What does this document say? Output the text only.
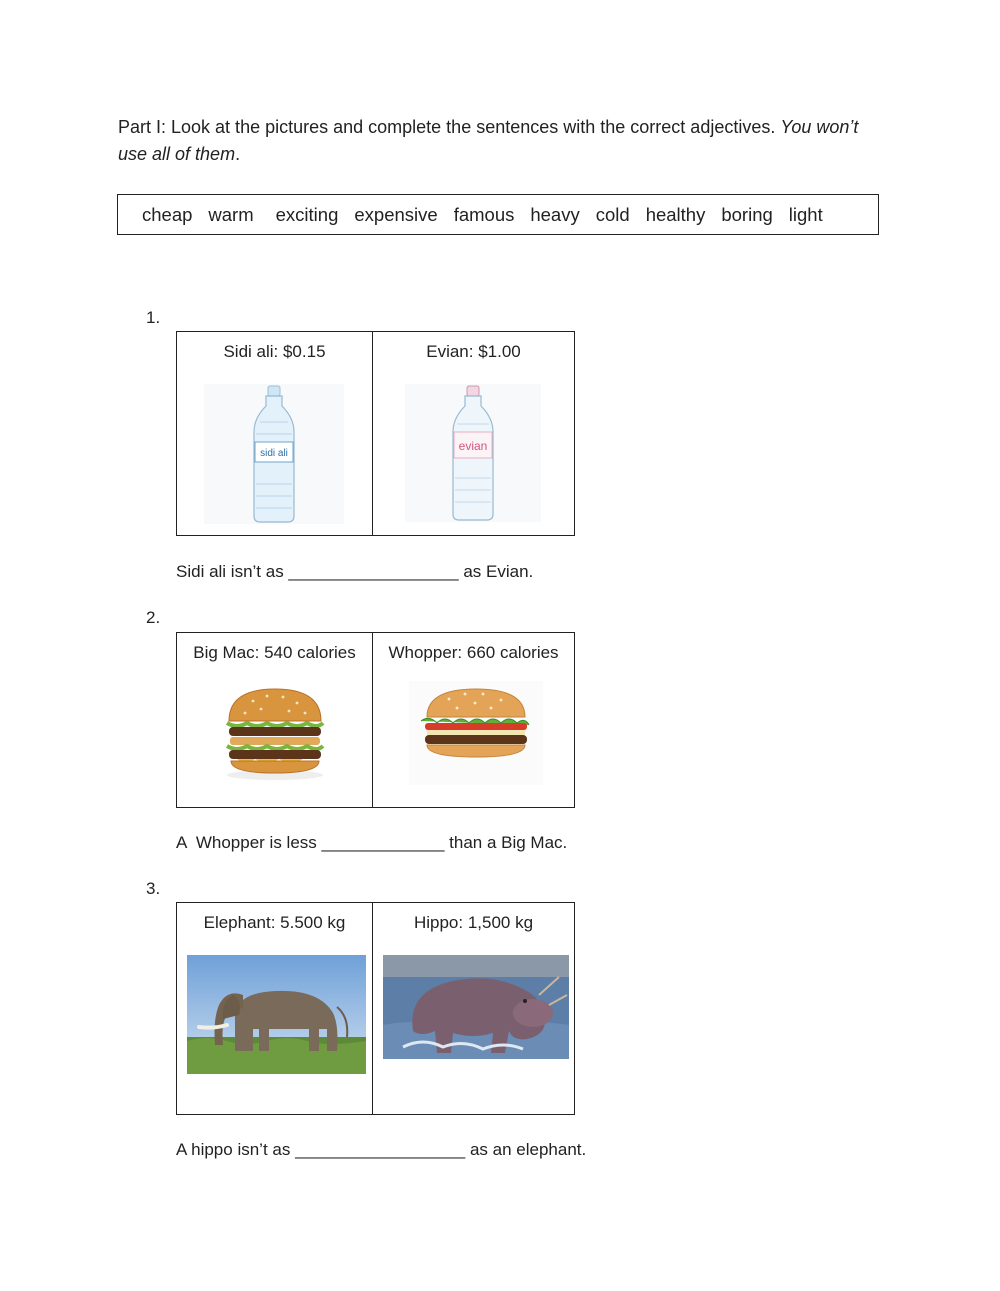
Part I: Look at the pictures and complete the sentences with the correct adjectives. You won’t use all of them.
cheap warm exciting expensive famous heavy cold healthy boring light
1.
Sidi ali: $0.15
sidi ali
Evian: $1.00
evian
Sidi ali isn’t as __________________ as Evian.
2.
Big Mac: 540 calories	Whopper: 660 calories
A  Whopper is less _____________ than a Big Mac.
3.
Elephant: 5.500 kg	Hippo: 1,500 kg
A hippo isn’t as __________________ as an elephant.
